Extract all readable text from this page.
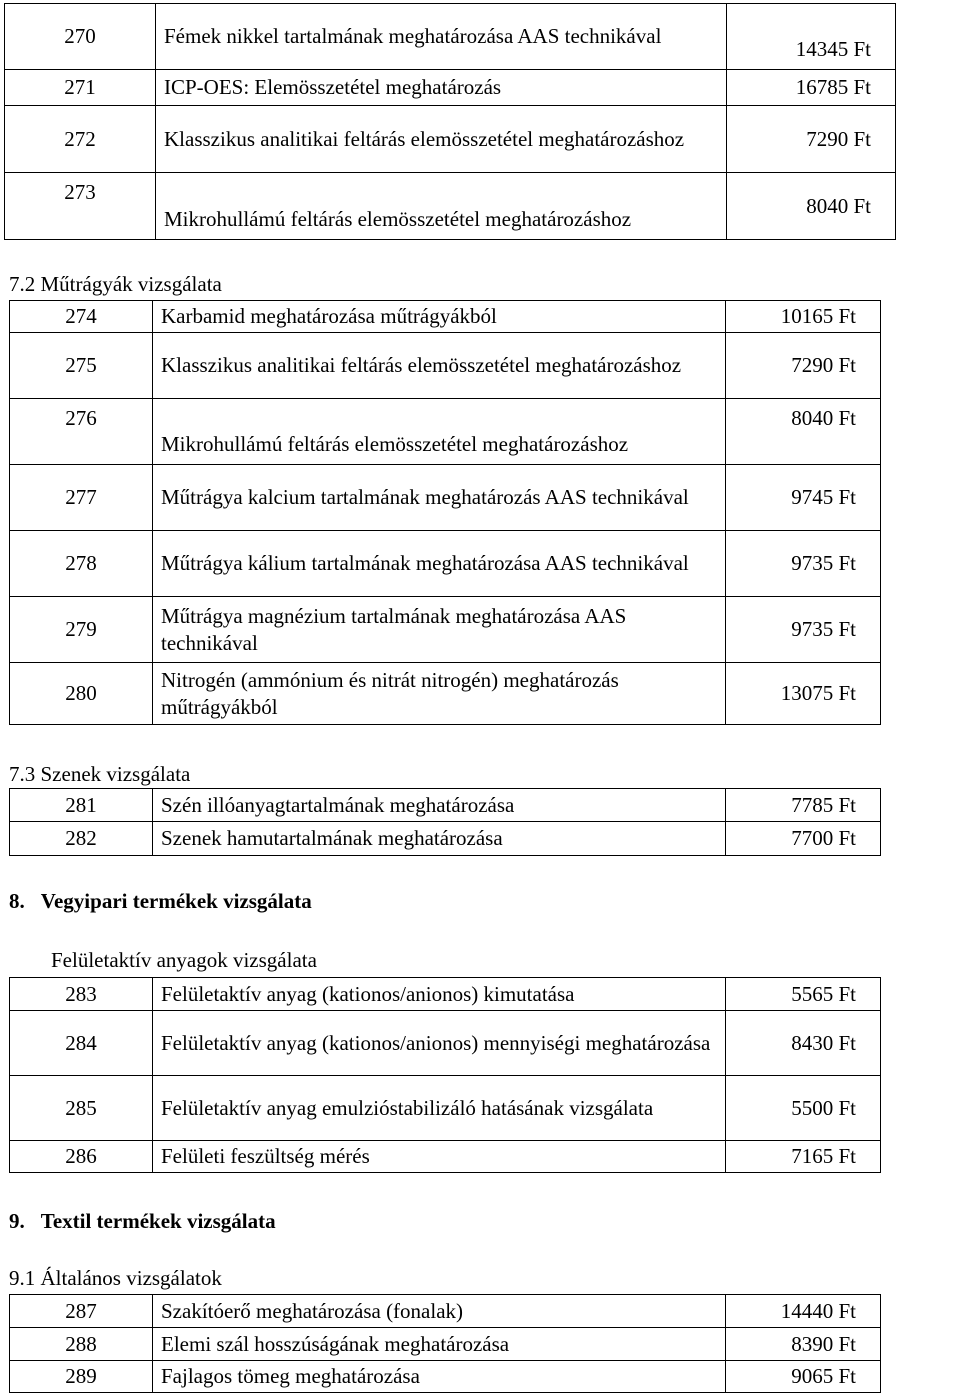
270	Fémek nikkel tartalmának meghatározása AAS technikával	14345 Ft
271	ICP-OES: Elemösszetétel meghatározás	16785 Ft
272	Klasszikus analitikai feltárás elemösszetétel meghatározáshoz	7290 Ft
273	Mikrohullámú feltárás elemösszetétel meghatározáshoz	8040 Ft
7.2 Műtrágyák vizsgálata
274	Karbamid meghatározása műtrágyákból	10165 Ft
275	Klasszikus analitikai feltárás elemösszetétel meghatározáshoz	7290 Ft
276	Mikrohullámú feltárás elemösszetétel meghatározáshoz	8040 Ft
277	Műtrágya kalcium tartalmának meghatározás AAS technikával	9745 Ft
278	Műtrágya kálium tartalmának meghatározása AAS technikával	9735 Ft
279	Műtrágya magnézium tartalmának meghatározása AAS technikával	9735 Ft
280	Nitrogén (ammónium és nitrát nitrogén) meghatározás műtrágyákból	13075 Ft
7.3 Szenek vizsgálata
281	Szén illóanyagtartalmának meghatározása	7785 Ft
282	Szenek hamutartalmának meghatározása	7700 Ft
8. Vegyipari termékek vizsgálata
Felületaktív anyagok vizsgálata
283	Felületaktív anyag (kationos/anionos) kimutatása	5565 Ft
284	Felületaktív anyag (kationos/anionos) mennyiségi meghatározása	8430 Ft
285	Felületaktív anyag emulzióstabilizáló hatásának vizsgálata	5500 Ft
286	Felületi feszültség mérés	7165 Ft
9. Textil termékek vizsgálata
9.1 Általános vizsgálatok
287	Szakítóerő meghatározása (fonalak)	14440 Ft
288	Elemi szál hosszúságának meghatározása	8390 Ft
289	Fajlagos tömeg meghatározása	9065 Ft
